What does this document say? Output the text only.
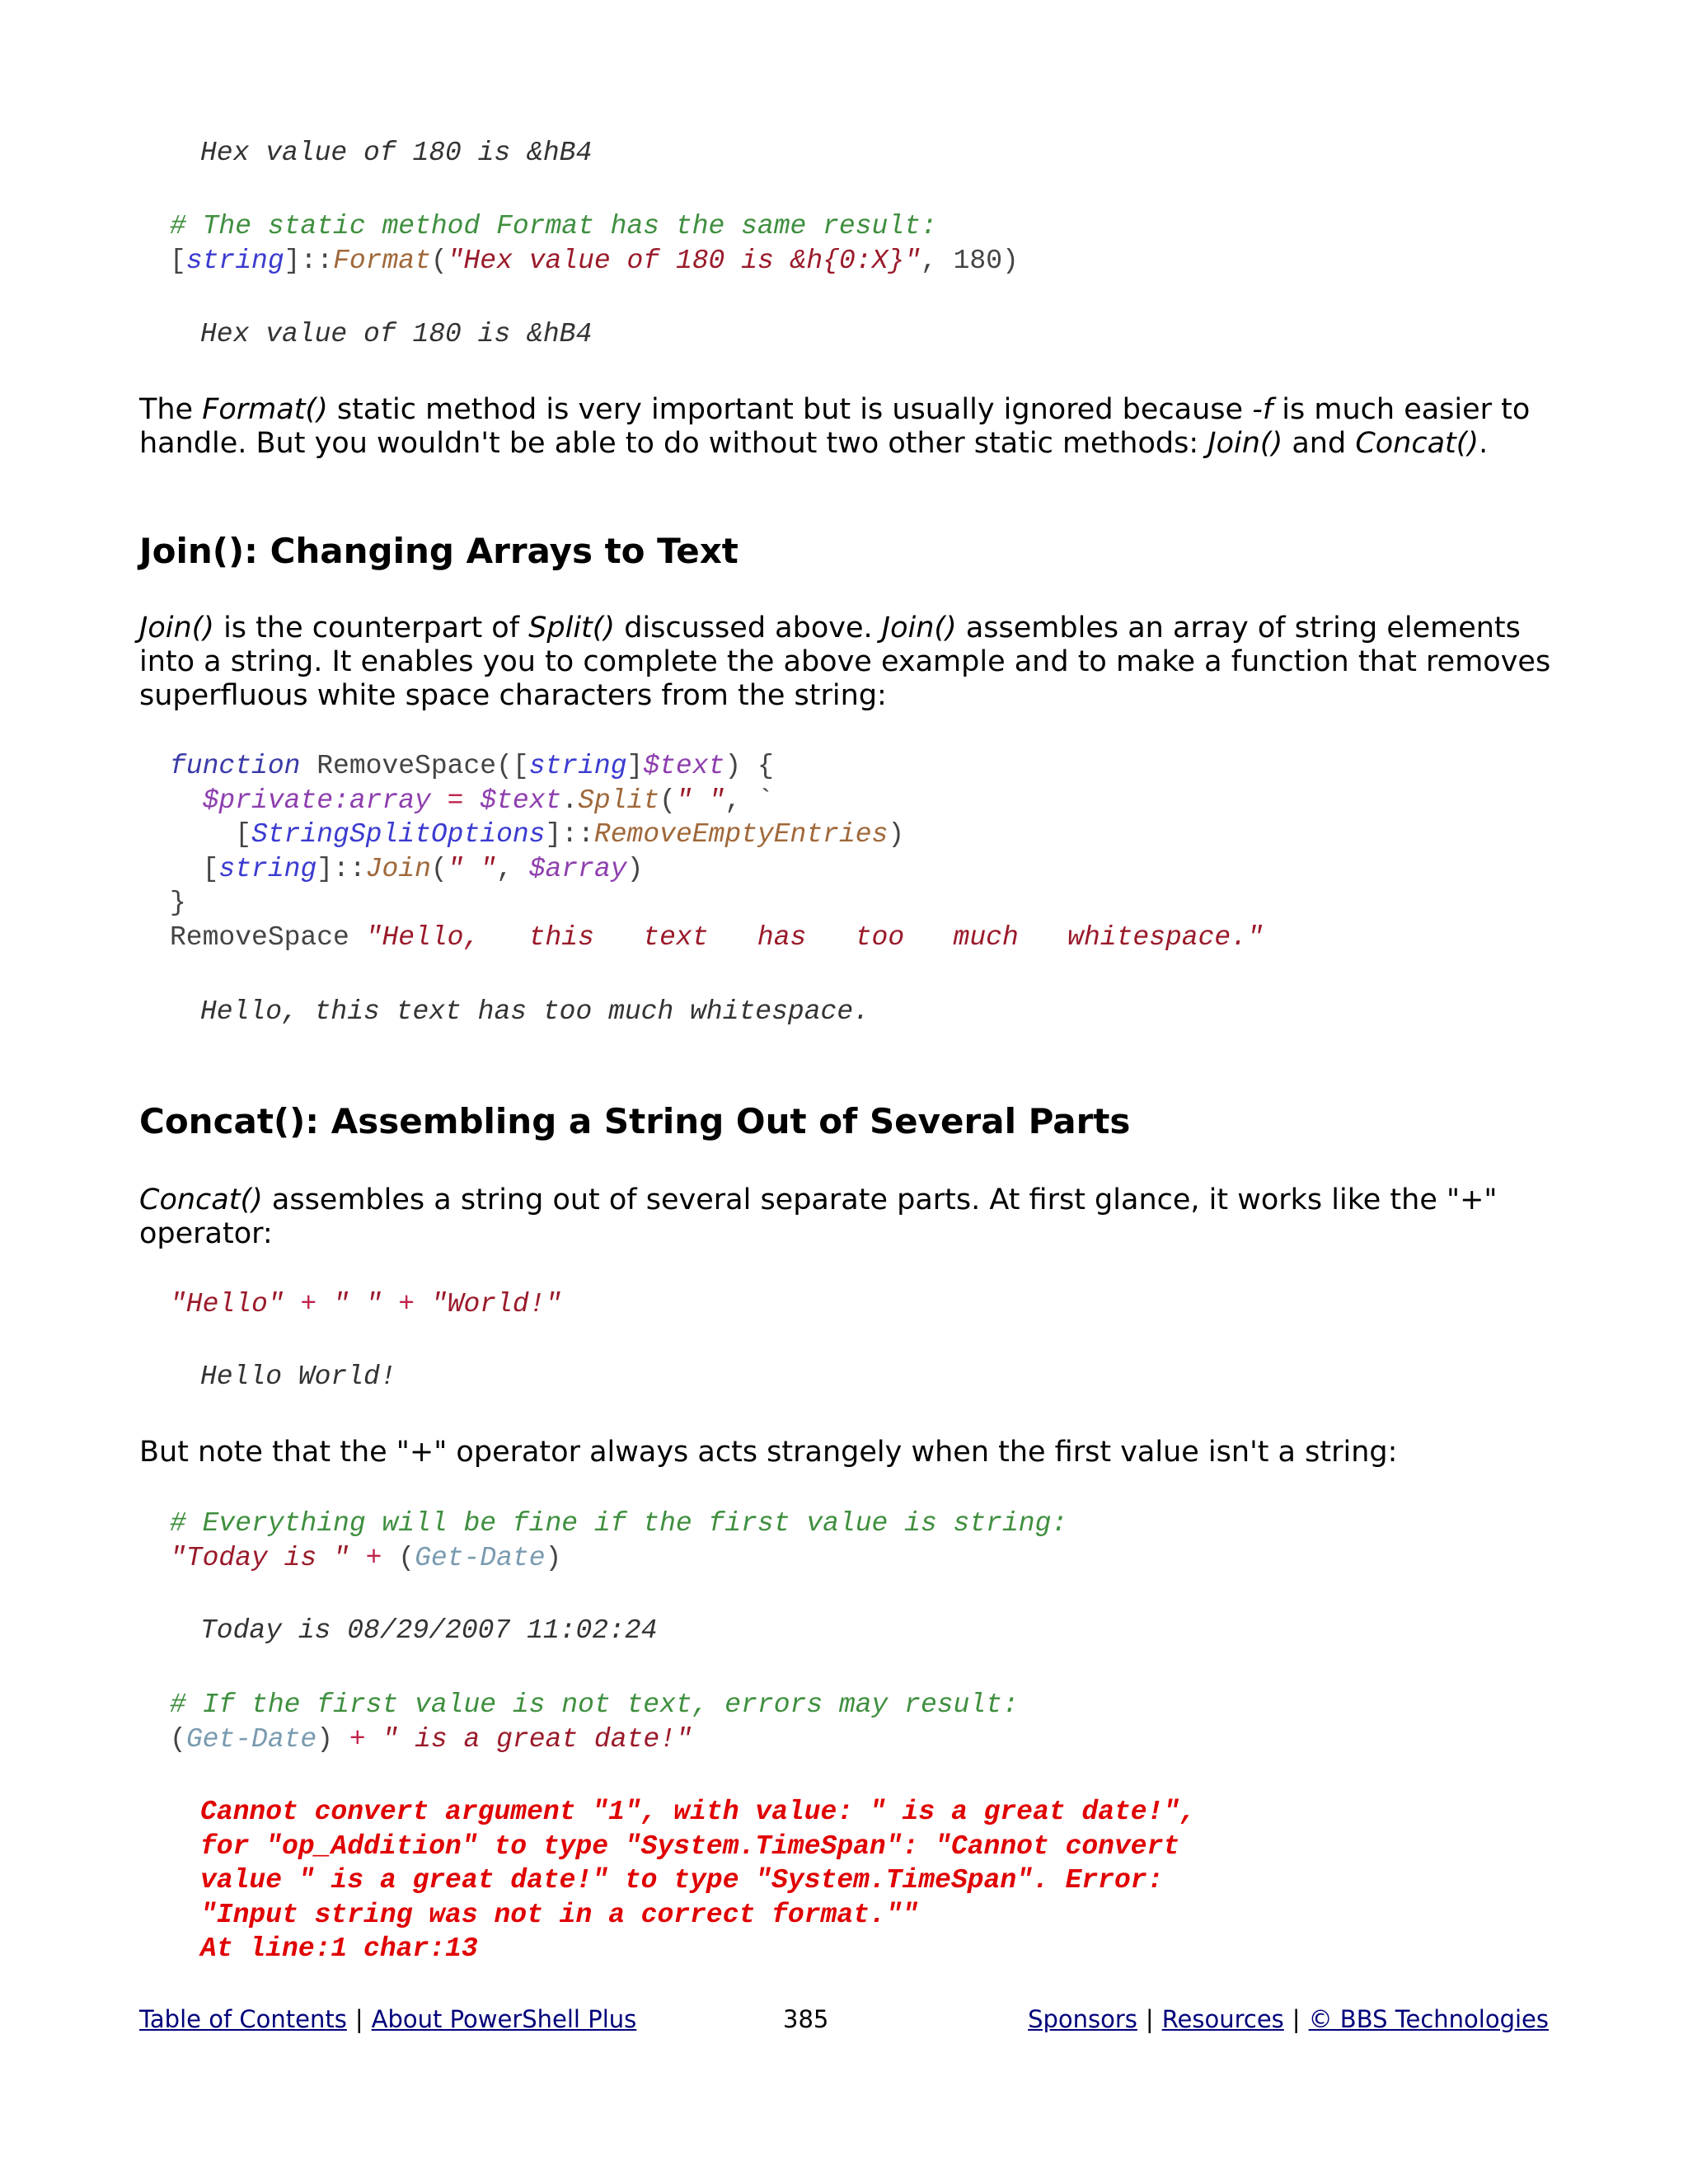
Hex value of 180 is &hB4
# The static method Format has the same result:
[string]::Format("Hex value of 180 is &h{0:X}", 180)
Hex value of 180 is &hB4

The Format() static method is very important but is usually ignored because -f is much easier to handle. But you wouldn't be able to do without two other static methods: Join() and Concat().

Join(): Changing Arrays to Text

Join() is the counterpart of Split() discussed above. Join() assembles an array of string elements into a string. It enables you to complete the above example and to make a function that removes superfluous white space characters from the string:

function RemoveSpace([string]$text) {
$private:array = $text.Split(" ", `
[StringSplitOptions]::RemoveEmptyEntries)
[string]::Join(" ", $array)
}
RemoveSpace "Hello,   this   text   has   too   much   whitespace."
Hello, this text has too much whitespace.
Concat(): Assembling a String Out of Several Parts

Concat() assembles a string out of several separate parts. At first glance, it works like the "+" operator:

"Hello" + " " + "World!"
Hello World!

But note that the "+" operator always acts strangely when the first value isn't a string:

# Everything will be fine if the first value is string:
"Today is " + (Get-Date)
Today is 08/29/2007 11:02:24
# If the first value is not text, errors may result:
(Get-Date) + " is a great date!"
Cannot convert argument "1", with value: " is a great date!",
for "op_Addition" to type "System.TimeSpan": "Cannot convert
value " is a great date!" to type "System.TimeSpan". Error:
"Input string was not in a correct format.""
At line:1 char:13
Table of Contents | About PowerShell Plus	385	Sponsors | Resources | © BBS Technologies
